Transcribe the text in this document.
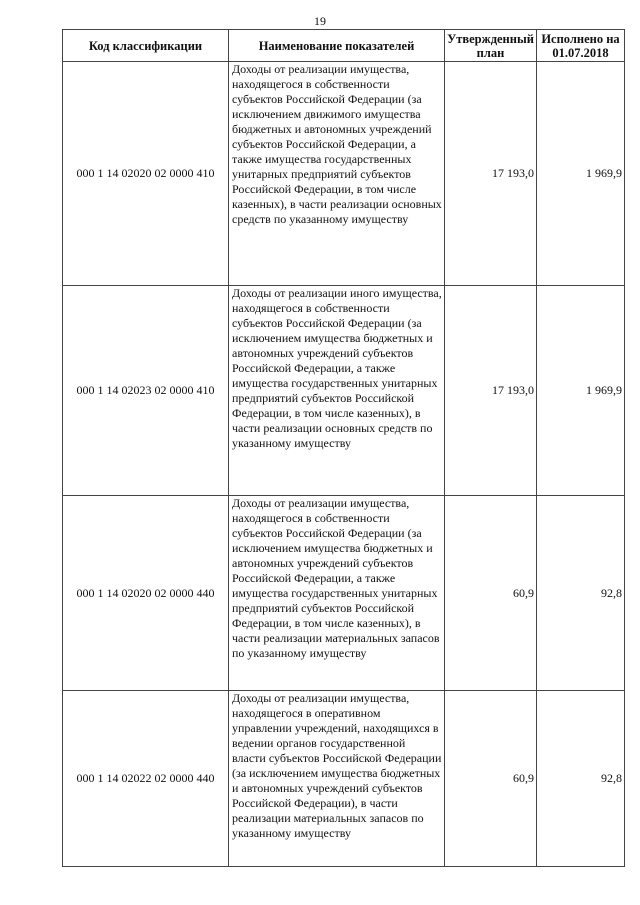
19
Код классификации	Наименование показателей	Утвержденный план	Исполнено на 01.07.2018
000 1 14 02020 02 0000 410	Доходы от реализации имущества, находящегося в собственности субъектов Российской Федерации (за исключением движимого имущества бюджетных и автономных учреждений субъектов Российской Федерации, а также имущества государственных унитарных предприятий субъектов Российской Федерации, в том числе казенных), в части реализации основных средств по указанному имуществу	17 193,0	1 969,9
000 1 14 02023 02 0000 410	Доходы от реализации иного имущества, находящегося в собственности субъектов Российской Федерации (за исключением имущества бюджетных и автономных учреждений субъектов Российской Федерации, а также имущества государственных унитарных предприятий субъектов Российской Федерации, в том числе казенных), в части реализации основных средств по указанному имуществу	17 193,0	1 969,9
000 1 14 02020 02 0000 440	Доходы от реализации имущества, находящегося в собственности субъектов Российской Федерации (за исключением имущества бюджетных и автономных учреждений субъектов Российской Федерации, а также имущества государственных унитарных предприятий субъектов Российской Федерации, в том числе казенных), в части реализации материальных запасов по указанному имуществу	60,9	92,8
000 1 14 02022 02 0000 440	Доходы от реализации имущества, находящегося в оперативном управлении учреждений, находящихся в ведении органов государственной власти субъектов Российской Федерации (за исключением имущества бюджетных и автономных учреждений субъектов Российской Федерации), в части реализации материальных запасов по указанному имуществу	60,9	92,8
